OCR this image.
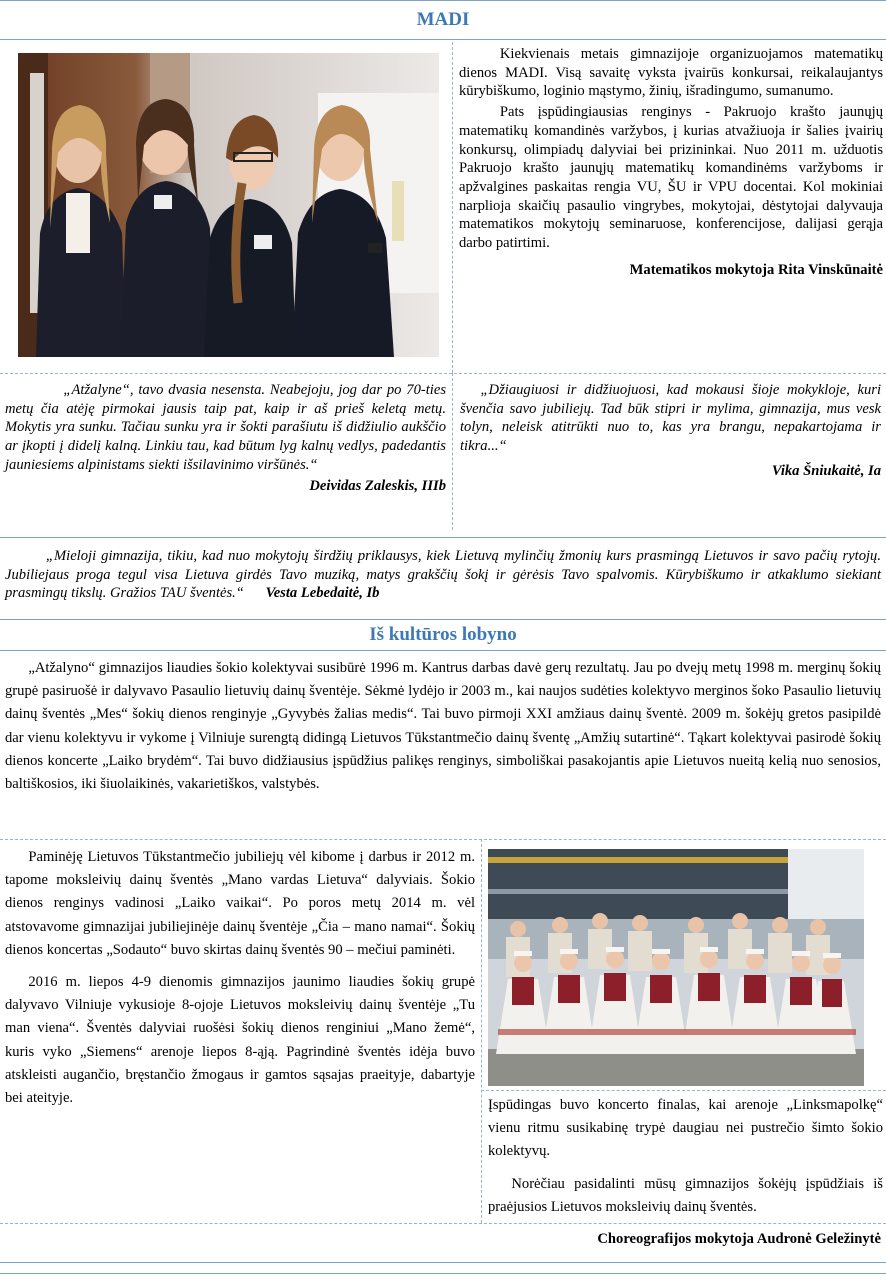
MADI

Kiekvienais metais gimnazijoje organizuojamos matematikų dienos MADI. Visą savaitę vyksta įvairūs konkursai, reikalaujantys kūrybiškumo, loginio mąstymo, žinių, išradingumo, sumanumo.

Pats įspūdingiausias renginys - Pakruojo krašto jaunųjų matematikų komandinės varžybos, į kurias atvažiuoja ir šalies įvairių konkursų, olimpiadų dalyviai bei prizininkai. Nuo 2011 m. užduotis Pakruojo krašto jaunųjų matematikų komandinėms varžyboms ir apžvalgines paskaitas rengia VU, ŠU ir VPU docentai. Kol mokiniai narplioja skaičių pasaulio vingrybes, mokytojai, dėstytojai dalyvauja matematikos mokytojų seminaruose, konferencijose, dalijasi gerąja darbo patirtimi.

Matematikos mokytoja Rita Vinskūnaitė

„Atžalyne“, tavo dvasia nesensta. Neabejoju, jog dar po 70-ties metų čia atėję pirmokai jausis taip pat, kaip ir aš prieš keletą metų. Mokytis yra sunku. Tačiau sunku yra ir šokti parašiutu iš didžiulio aukščio ar įkopti į didelį kalną. Linkiu tau, kad būtum lyg kalnų vedlys, padedantis jauniesiems alpinistams siekti išsilavinimo viršūnės.“

Deividas Zaleskis, IIIb

„Džiaugiuosi ir didžiuojuosi, kad mokausi šioje mokykloje, kuri švenčia savo jubiliejų. Tad būk stipri ir mylima, gimnazija, mus vesk tolyn, neleisk atitrūkti nuo to, kas yra brangu, nepakartojama ir tikra...“

Vika Šniukaitė, Ia

„Mieloji gimnazija, tikiu, kad nuo mokytojų širdžių priklausys, kiek Lietuvą mylinčių žmonių kurs prasmingą Lietuvos ir savo pačių rytojų. Jubiliejaus proga tegul visa Lietuva girdės Tavo muziką, matys grakščių šokį ir gėrėsis Tavo spalvomis. Kūrybiškumo ir atkaklumo siekiant prasmingų tikslų. Gražios TAU šventės.“ Vesta Lebedaitė, Ib

Iš kultūros lobyno

„Atžalyno“ gimnazijos liaudies šokio kolektyvai susibūrė 1996 m. Kantrus darbas davė gerų rezultatų. Jau po dvejų metų 1998 m. merginų šokių grupė pasiruošė ir dalyvavo Pasaulio lietuvių dainų šventėje. Sėkmė lydėjo ir 2003 m., kai naujos sudėties kolektyvo merginos šoko Pasaulio lietuvių dainų šventės „Mes“ šokių dienos renginyje „Gyvybės žalias medis“. Tai buvo pirmoji XXI amžiaus dainų šventė. 2009 m. šokėjų gretos pasipildė dar vienu kolektyvu ir vykome į Vilniuje surengtą didingą Lietuvos Tūkstantmečio dainų šventę „Amžių sutartinė“. Tąkart kolektyvai pasirodė šokių dienos koncerte „Laiko brydėm“. Tai buvo didžiausius įspūdžius palikęs renginys, simboliškai pasakojantis apie Lietuvos nueitą kelią nuo senosios, baltiškosios, iki šiuolaikinės, vakarietiškos, valstybės.

Paminėję Lietuvos Tūkstantmečio jubiliejų vėl kibome į darbus ir 2012 m. tapome moksleivių dainų šventės „Mano vardas Lietuva“ dalyviais. Šokio dienos renginys vadinosi „Laiko vaikai“. Po poros metų 2014 m. vėl atstovavome gimnazijai jubiliejinėje dainų šventėje „Čia – mano namai“. Šokių dienos koncertas „Sodauto“ buvo skirtas dainų šventės 90 – mečiui paminėti.

2016 m. liepos 4-9 dienomis gimnazijos jaunimo liaudies šokių grupė dalyvavo Vilniuje vykusioje 8-ojoje Lietuvos moksleivių dainų šventėje „Tu man viena“. Šventės dalyviai ruošėsi šokių dienos renginiui „Mano žemė“, kuris vyko „Siemens“ arenoje liepos 8-ąją. Pagrindinė šventės idėja buvo atskleisti augančio, bręstančio žmogaus ir gamtos sąsajas praeityje, dabartyje bei ateityje.	Įspūdingas buvo koncerto finalas, kai arenoje „Linksmapolkę“ vienu ritmu susikabinę trypė daugiau nei pustrečio šimto šokio kolektyvų.

Norėčiau pasidalinti mūsų gimnazijos šokėjų įspūdžiais iš praėjusios Lietuvos moksleivių dainų šventės.

Choreografijos mokytoja Audronė Geležinytė
